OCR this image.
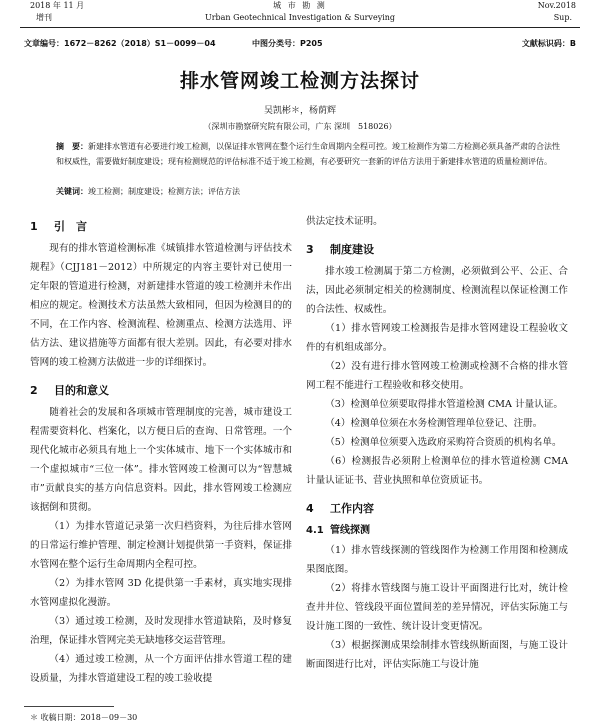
2018 年 11 月
增刊
城 市 勘 测
Urban Geotechnical Investigation & Surveying
Nov.2018
Sup.
文章编号：1672－8262（2018）S1－0099－04	中图分类号：P205	文献标识码：B
排水管网竣工检测方法探讨
吴凯彬＊，杨荫辉
（深圳市勘察研究院有限公司，广东 深圳　518026）
摘　要：新建排水管道有必要进行竣工检测，以保证排水管网在整个运行生命周期内全程可控。竣工检测作为第二方检测必须具备严肃的合法性和权威性，需要做好制度建设；现有检测规范的评估标准不适于竣工检测，有必要研究一套新的评估方法用于新建排水管道的质量检测评估。
关键词：竣工检测；制度建设；检测方法；评估方法
1 引　言

现有的排水管道检测标准《城镇排水管道检测与评估技术规程》（CJJ181－2012）中所规定的内容主要针对已使用一定年限的管道进行检测，对新建排水管道的竣工检测并未作出相应的规定。检测技术方法虽然大致相同，但因为检测目的的不同，在工作内容、检测流程、检测重点、检测方法选用、评估方法、建议措施等方面都有很大差别。因此，有必要对排水管网的竣工检测方法做进一步的详细探讨。

2 目的和意义

随着社会的发展和各项城市管理制度的完善，城市建设工程需要资料化、档案化，以方便日后的查询、日常管理。一个现代化城市必须具有地上一个实体城市、地下一个实体城市和一个虚拟城市“三位一体”。排水管网竣工检测可以为“智慧城市”贡献良实的基方向信息资料。因此，排水管网竣工检测应该据倒和贯彻。

（1）为排水管道记录第一次归档资料，为往后排水管网的日常运行维护管理、制定检测计划提供第一手资料，保证排水管网在整个运行生命周期内全程可控。

（2）为排水管网 3D 化提供第一手素材，真实地实现排水管网虚拟化漫游。

（3）通过竣工检测，及时发现排水管道缺陷，及时修复治理，保证排水管网完美无缺地移交运营管理。

（4）通过竣工检测，从一个方面评估排水管道工程的建设质量，为排水管道建设工程的竣工验收提

供法定技术证明。

3 制度建设

排水竣工检测属于第二方检测，必须做到公平、公正、合法，因此必须制定相关的检测制度、检测流程以保证检测工作的合法性、权威性。

（1）排水管网竣工检测报告是排水管网建设工程验收文件的有机组成部分。

（2）没有进行排水管网竣工检测或检测不合格的排水管网工程不能进行工程验收和移交使用。

（3）检测单位须要取得排水管道检测 CMA 计量认证。

（4）检测单位须在水务检测管理单位登记、注册。

（5）检测单位须要入选政府采购符合资质的机构名单。

（6）检测报告必须附上检测单位的排水管道检测 CMA 计量认证证书、营业执照和单位资质证书。

4 工作内容
4.1 管线探测

（1）排水管线探测的管线图作为检测工作用图和检测成果图底图。

（2）将排水管线图与施工设计平面图进行比对，统计检查井井位、管线段平面位置间差的差异情况，评估实际施工与设计施工图的一致性、统计设计变更情况。

（3）根据探测成果绘制排水管线纵断面图，与施工设计断面图进行比对，评估实际施工与设计施

＊ 收稿日期：2018－09－30
